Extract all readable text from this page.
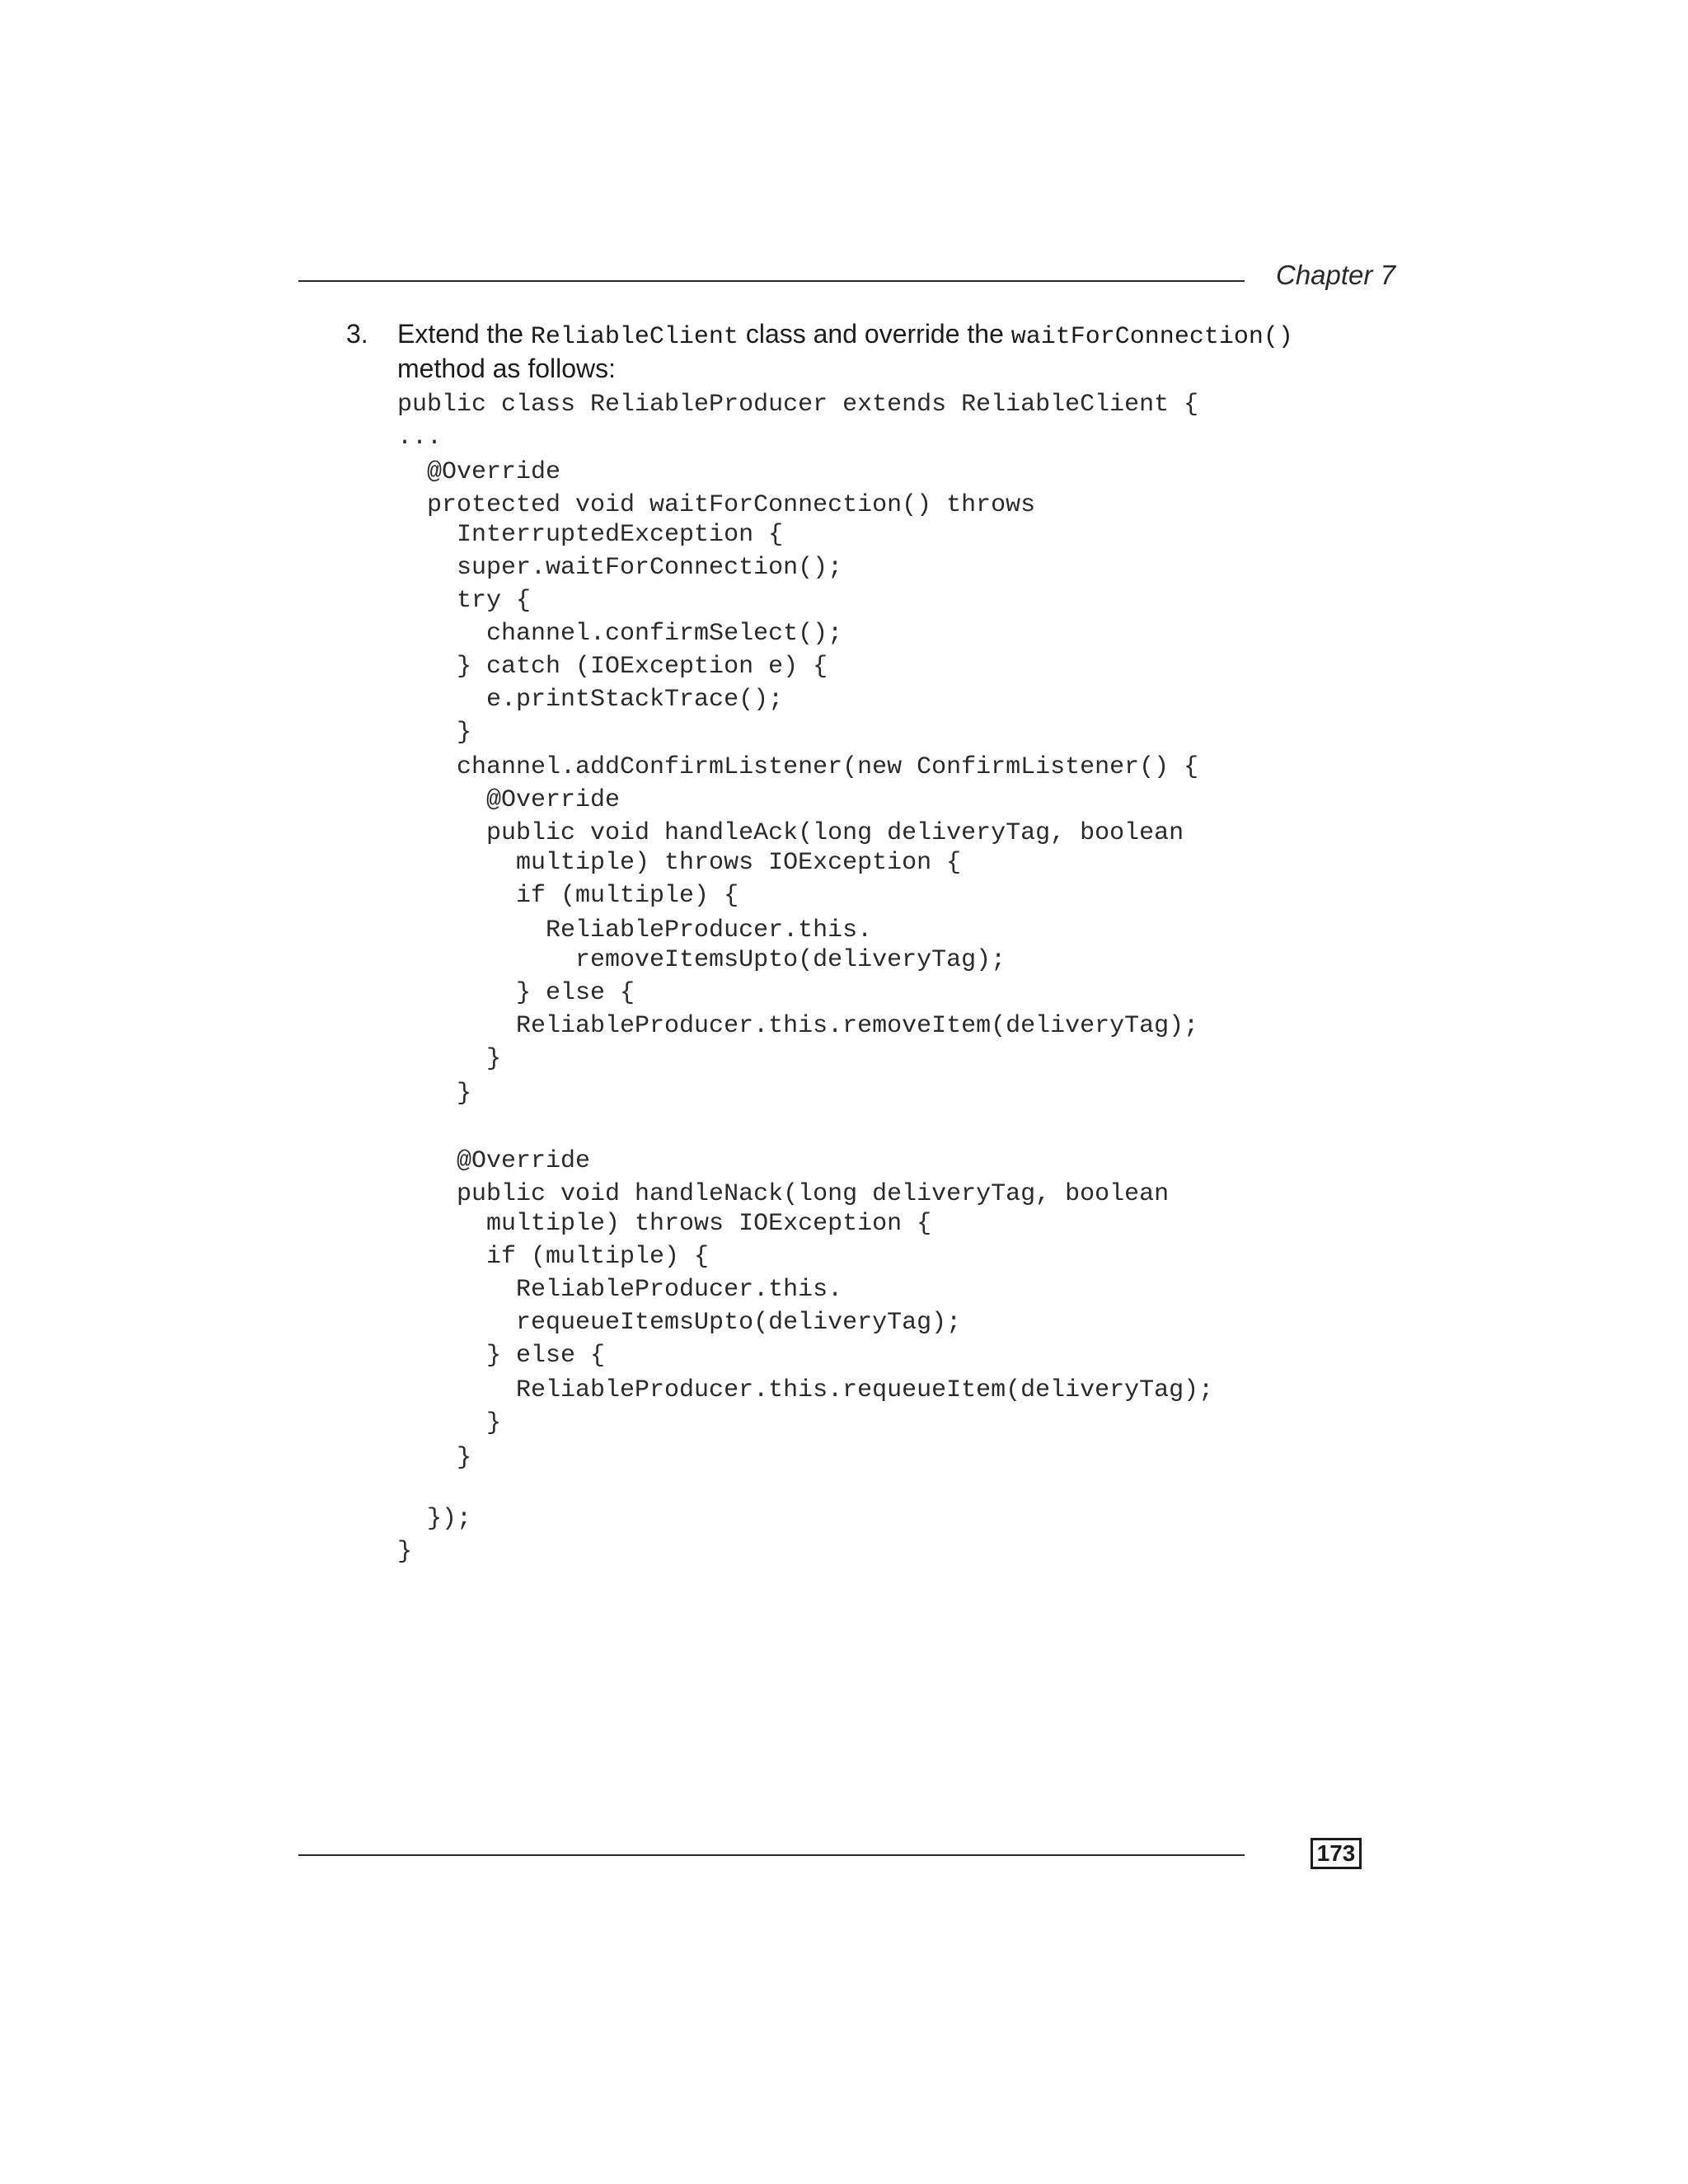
Chapter 7
3. Extend the ReliableClient class and override the waitForConnection()
method as follows:
public class ReliableProducer extends ReliableClient {
...
@Override
protected void waitForConnection() throws
InterruptedException {
super.waitForConnection();
try {
channel.confirmSelect();
} catch (IOException e) {
e.printStackTrace();
}
channel.addConfirmListener(new ConfirmListener() {
@Override
public void handleAck(long deliveryTag, boolean
multiple) throws IOException {
if (multiple) {
ReliableProducer.this.
removeItemsUpto(deliveryTag);
} else {
ReliableProducer.this.removeItem(deliveryTag);
}
}
@Override
public void handleNack(long deliveryTag, boolean
multiple) throws IOException {
if (multiple) {
ReliableProducer.this.
requeueItemsUpto(deliveryTag);
} else {
ReliableProducer.this.requeueItem(deliveryTag);
}
}
});
}
173
